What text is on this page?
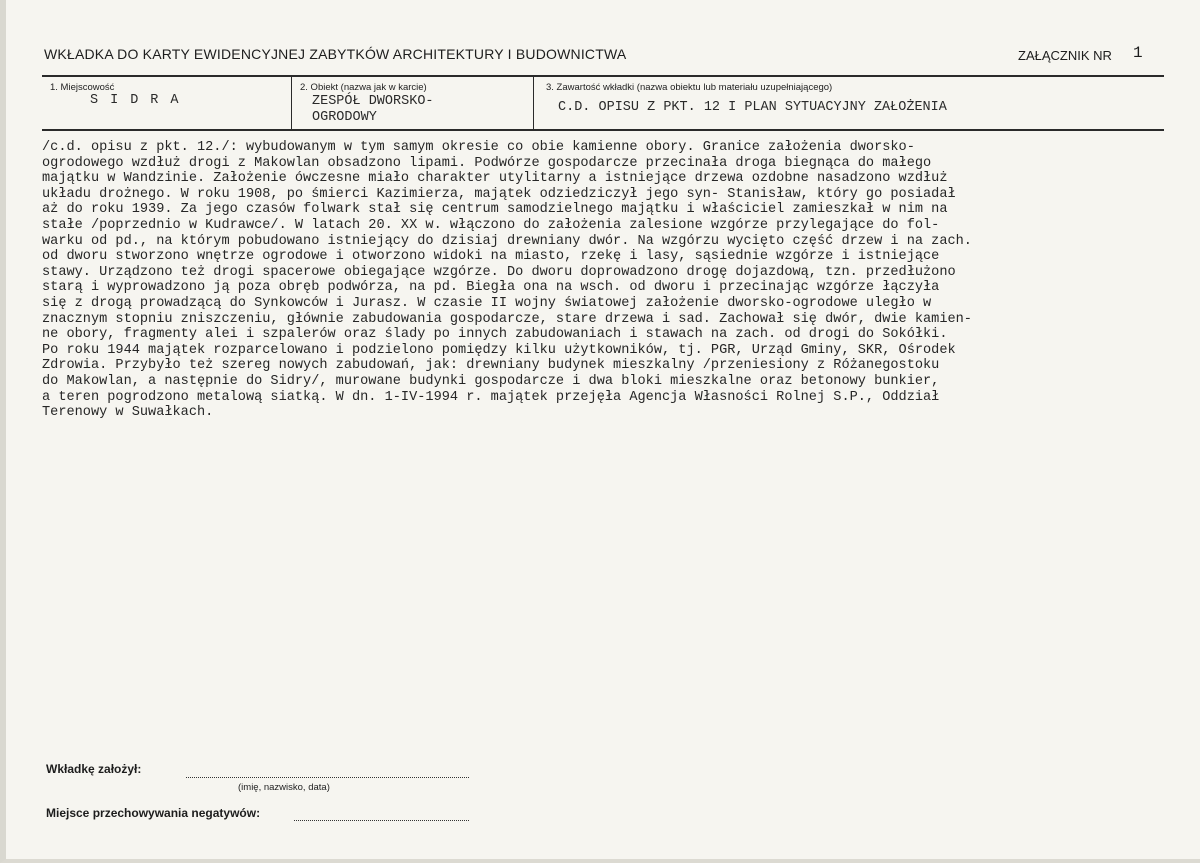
WKŁADKA DO KARTY EWIDENCYJNEJ ZABYTKÓW ARCHITEKTURY I BUDOWNICTWA	ZAŁĄCZNIK NR 1
1. Miejscowość
SIDRA
2. Obiekt (nazwa jak w karcie)
ZESPÓŁ DWORSKO-
OGRODOWY
3. Zawartość wkładki (nazwa obiektu lub materiału uzupełniającego)
C.D. OPISU Z PKT. 12 I PLAN SYTUACYJNY ZAŁOŻENIA
/c.d. opisu z pkt. 12./: wybudowanym w tym samym okresie co obie kamienne obory. Granice założenia dworsko-
ogrodowego wzdłuż drogi z Makowlan obsadzono lipami. Podwórze gospodarcze przecinała droga biegnąca do małego
majątku w Wandzinie. Założenie ówczesne miało charakter utylitarny a istniejące drzewa ozdobne nasadzono wzdłuż
układu drożnego. W roku 1908, po śmierci Kazimierza, majątek odziedziczył jego syn- Stanisław, który go posiadał
aż do roku 1939. Za jego czasów folwark stał się centrum samodzielnego majątku i właściciel zamieszkał w nim na
stałe /poprzednio w Kudrawce/. W latach 20. XX w. włączono do założenia zalesione wzgórze przylegające do fol-
warku od pd., na którym pobudowano istniejący do dzisiaj drewniany dwór. Na wzgórzu wycięto część drzew i na zach.
od dworu stworzono wnętrze ogrodowe i otworzono widoki na miasto, rzekę i lasy, sąsiednie wzgórze i istniejące
stawy. Urządzono też drogi spacerowe obiegające wzgórze. Do dworu doprowadzono drogę dojazdową, tzn. przedłużono
starą i wyprowadzono ją poza obręb podwórza, na pd. Biegła ona na wsch. od dworu i przecinając wzgórze łączyła
się z drogą prowadzącą do Synkowców i Jurasz. W czasie II wojny światowej założenie dworsko-ogrodowe uległo w
znacznym stopniu zniszczeniu, głównie zabudowania gospodarcze, stare drzewa i sad. Zachował się dwór, dwie kamien-
ne obory, fragmenty alei i szpalerów oraz ślady po innych zabudowaniach i stawach na zach. od drogi do Sokółki.
Po roku 1944 majątek rozparcelowano i podzielono pomiędzy kilku użytkowników, tj. PGR, Urząd Gminy, SKR, Ośrodek
Zdrowia. Przybyło też szereg nowych zabudowań, jak: drewniany budynek mieszkalny /przeniesiony z Różanegostoku
do Makowlan, a następnie do Sidry/, murowane budynki gospodarcze i dwa bloki mieszkalne oraz betonowy bunkier,
a teren pogrodzono metalową siatką. W dn. 1-IV-1994 r. majątek przejęła Agencja Własności Rolnej S.P., Oddział
Terenowy w Suwałkach.
Wkładkę założył:
(imię, nazwisko, data)
Miejsce przechowywania negatywów:
